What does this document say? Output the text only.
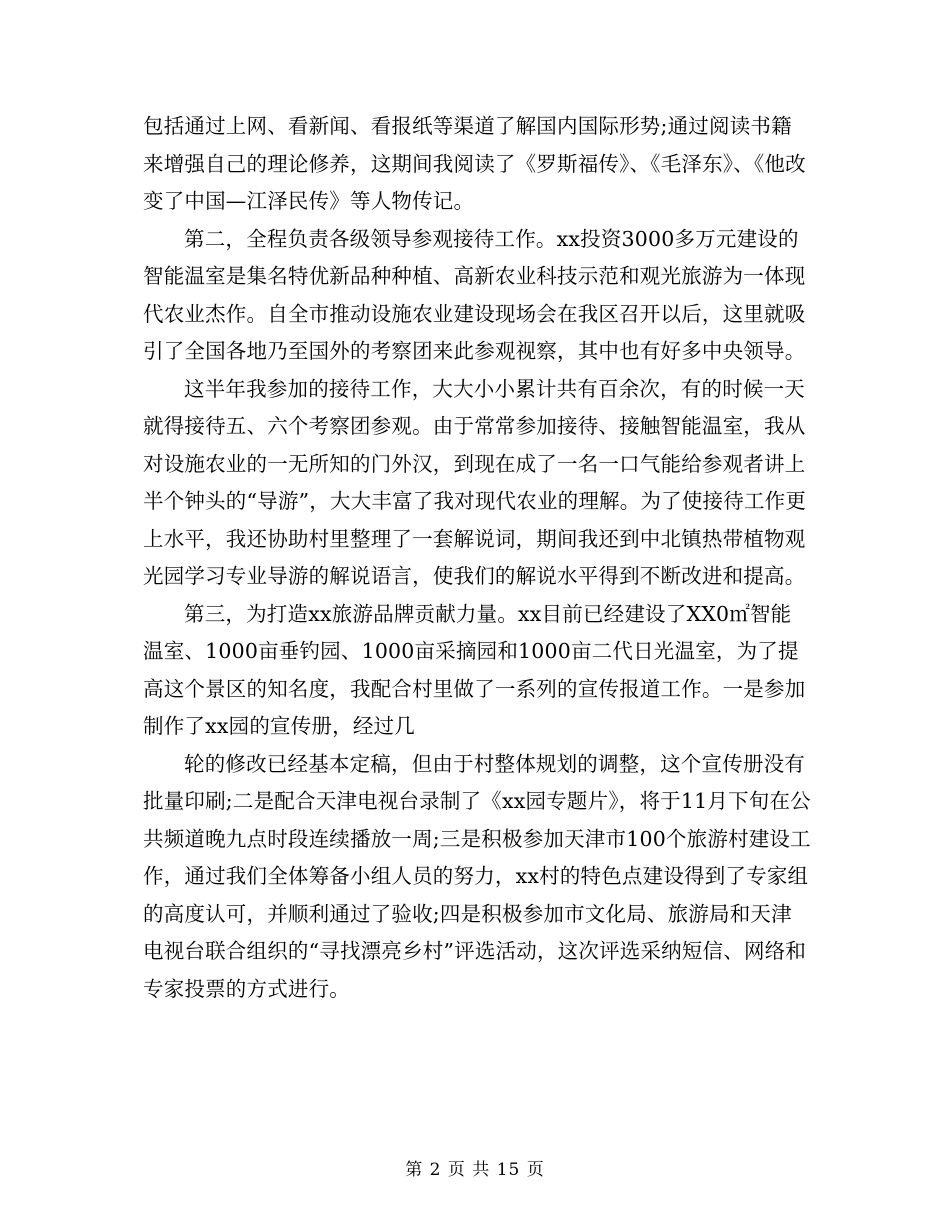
包括通过上网、看新闻、看报纸等渠道了解国内国际形势;通过阅读书籍来增强自己的理论修养，这期间我阅读了《罗斯福传》、《毛泽东》、《他改变了中国—江泽民传》等人物传记。

第二，全程负责各级领导参观接待工作。xx投资3000多万元建设的智能温室是集名特优新品种种植、高新农业科技示范和观光旅游为一体现代农业杰作。自全市推动设施农业建设现场会在我区召开以后，这里就吸引了全国各地乃至国外的考察团来此参观视察，其中也有好多中央领导。

这半年我参加的接待工作，大大小小累计共有百余次，有的时候一天就得接待五、六个考察团参观。由于常常参加接待、接触智能温室，我从对设施农业的一无所知的门外汉，到现在成了一名一口气能给参观者讲上半个钟头的“导游”，大大丰富了我对现代农业的理解。为了使接待工作更上水平，我还协助村里整理了一套解说词，期间我还到中北镇热带植物观光园学习专业导游的解说语言，使我们的解说水平得到不断改进和提高。

第三，为打造xx旅游品牌贡献力量。xx目前已经建设了XX0㎡智能温室、1000亩垂钓园、1000亩采摘园和1000亩二代日光温室，为了提高这个景区的知名度，我配合村里做了一系列的宣传报道工作。一是参加制作了xx园的宣传册，经过几

轮的修改已经基本定稿，但由于村整体规划的调整，这个宣传册没有批量印刷;二是配合天津电视台录制了《xx园专题片》，将于11月下旬在公共频道晚九点时段连续播放一周;三是积极参加天津市100个旅游村建设工作，通过我们全体筹备小组人员的努力，xx村的特色点建设得到了专家组的高度认可，并顺利通过了验收;四是积极参加市文化局、旅游局和天津电视台联合组织的“寻找漂亮乡村”评选活动，这次评选采纳短信、网络和专家投票的方式进行。

第 2 页 共 15 页
